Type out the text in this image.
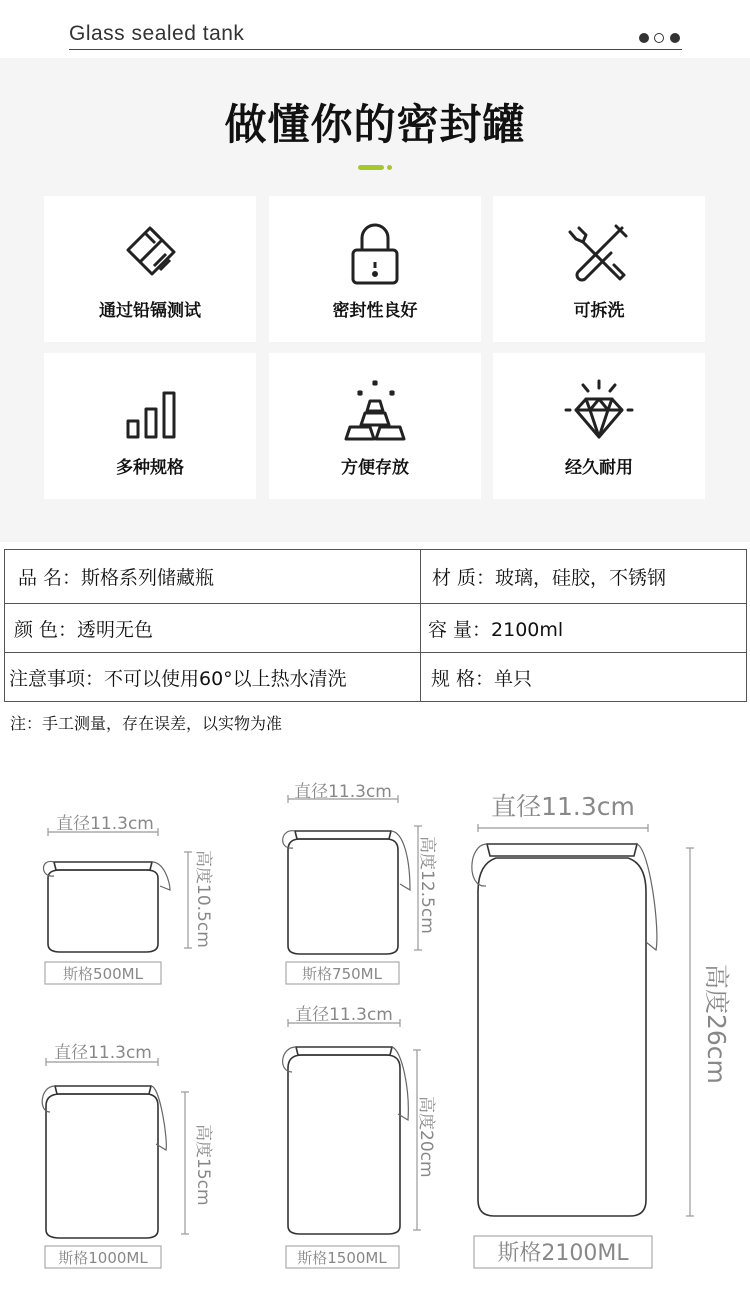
Glass sealed tank
做懂你的密封罐
通过铅镉测试	密封性良好	可拆洗
多种规格	方便存放	经久耐用
品 名：斯格系列储藏瓶	材 质：玻璃，硅胶，不锈钢
颜 色：透明无色	容 量：2100ml
注意事项：不可以使用60°以上热水清洗	规 格：单只
注：手工测量，存在误差，以实物为准
直径11.3cm
高度10.5cm
斯格500ML
直径11.3cm
高度12.5cm
斯格750ML
直径11.3cm
高度15cm
斯格1000ML
直径11.3cm
高度20cm
斯格1500ML
直径11.3cm
高度26cm
斯格2100ML
